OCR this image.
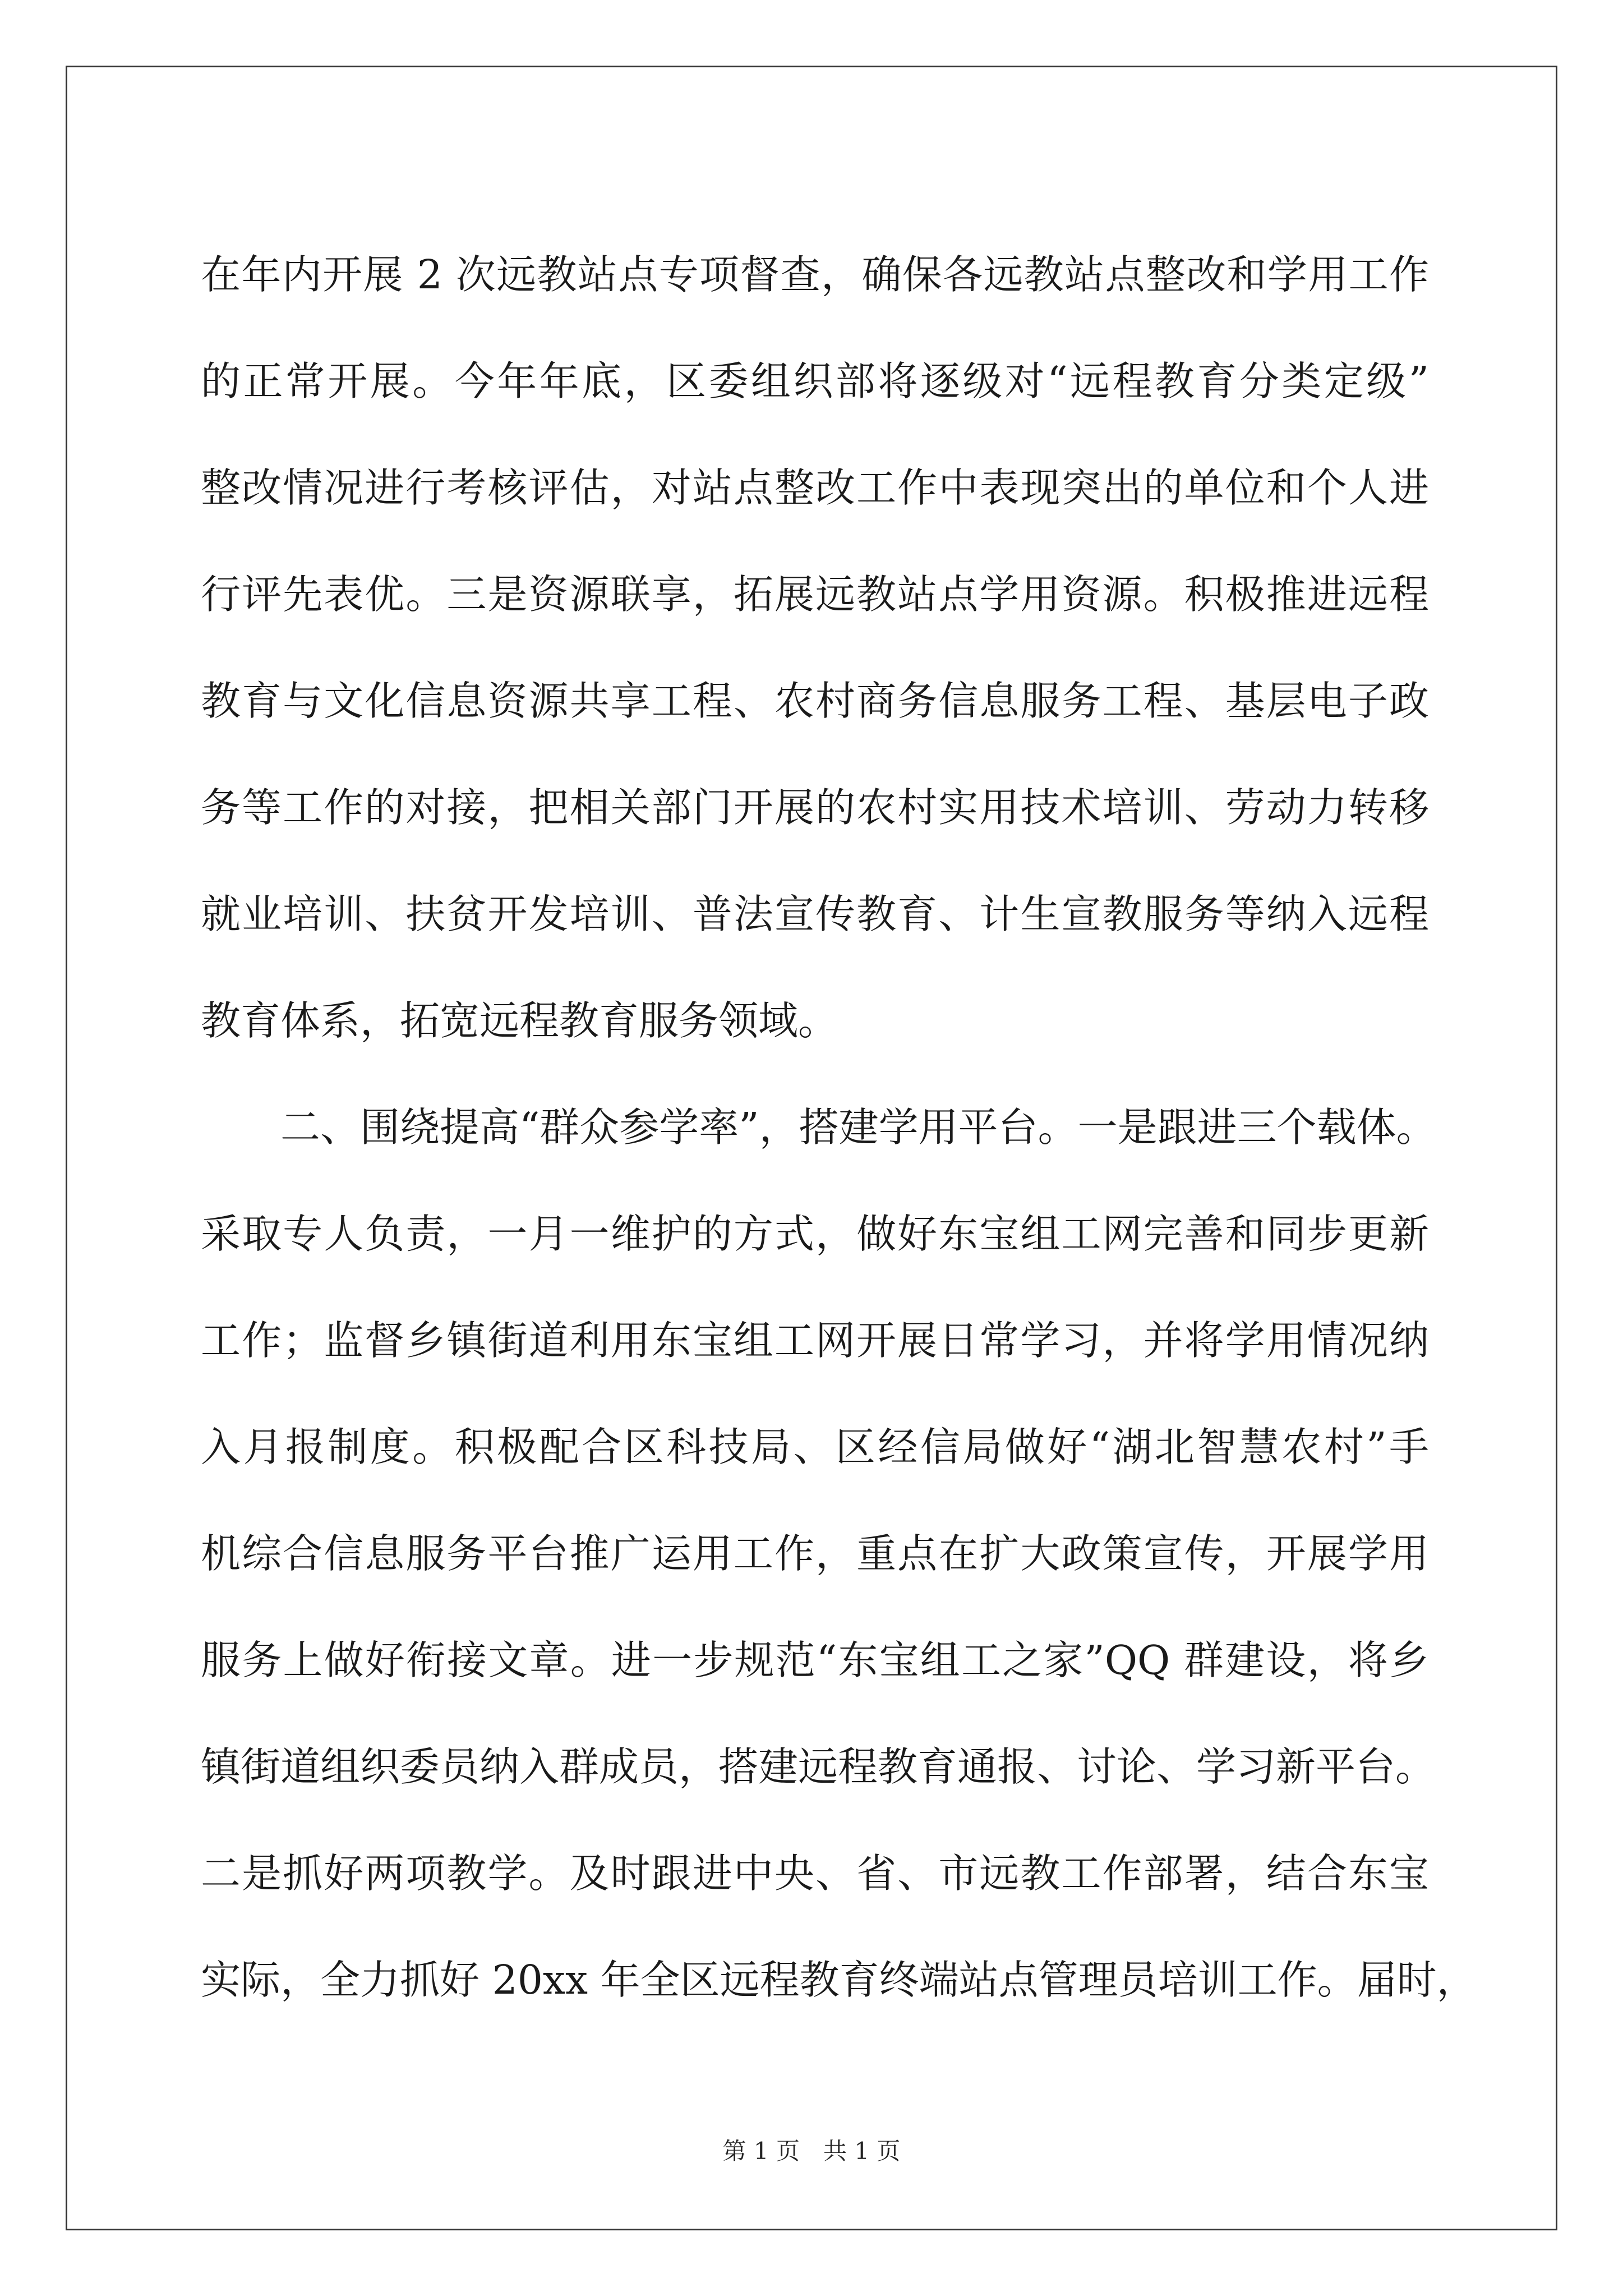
在年内开展 2 次远教站点专项督查，确保各远教站点整改和学用工作
的正常开展。今年年底，区委组织部将逐级对“远程教育分类定级”
整改情况进行考核评估，对站点整改工作中表现突出的单位和个人进
行评先表优。三是资源联享，拓展远教站点学用资源。积极推进远程
教育与文化信息资源共享工程、农村商务信息服务工程、基层电子政
务等工作的对接，把相关部门开展的农村实用技术培训、劳动力转移
就业培训、扶贫开发培训、普法宣传教育、计生宣教服务等纳入远程
教育体系，拓宽远程教育服务领域。
　　二、围绕提高“群众参学率”，搭建学用平台。一是跟进三个载体。
采取专人负责，一月一维护的方式，做好东宝组工网完善和同步更新
工作；监督乡镇街道利用东宝组工网开展日常学习，并将学用情况纳
入月报制度。积极配合区科技局、区经信局做好“湖北智慧农村”手
机综合信息服务平台推广运用工作，重点在扩大政策宣传，开展学用
服务上做好衔接文章。进一步规范“东宝组工之家”QQ 群建设，将乡
镇街道组织委员纳入群成员，搭建远程教育通报、讨论、学习新平台。
二是抓好两项教学。及时跟进中央、省、市远教工作部署，结合东宝
实际，全力抓好 20xx 年全区远程教育终端站点管理员培训工作。届时，
第 1 页　共 1 页
